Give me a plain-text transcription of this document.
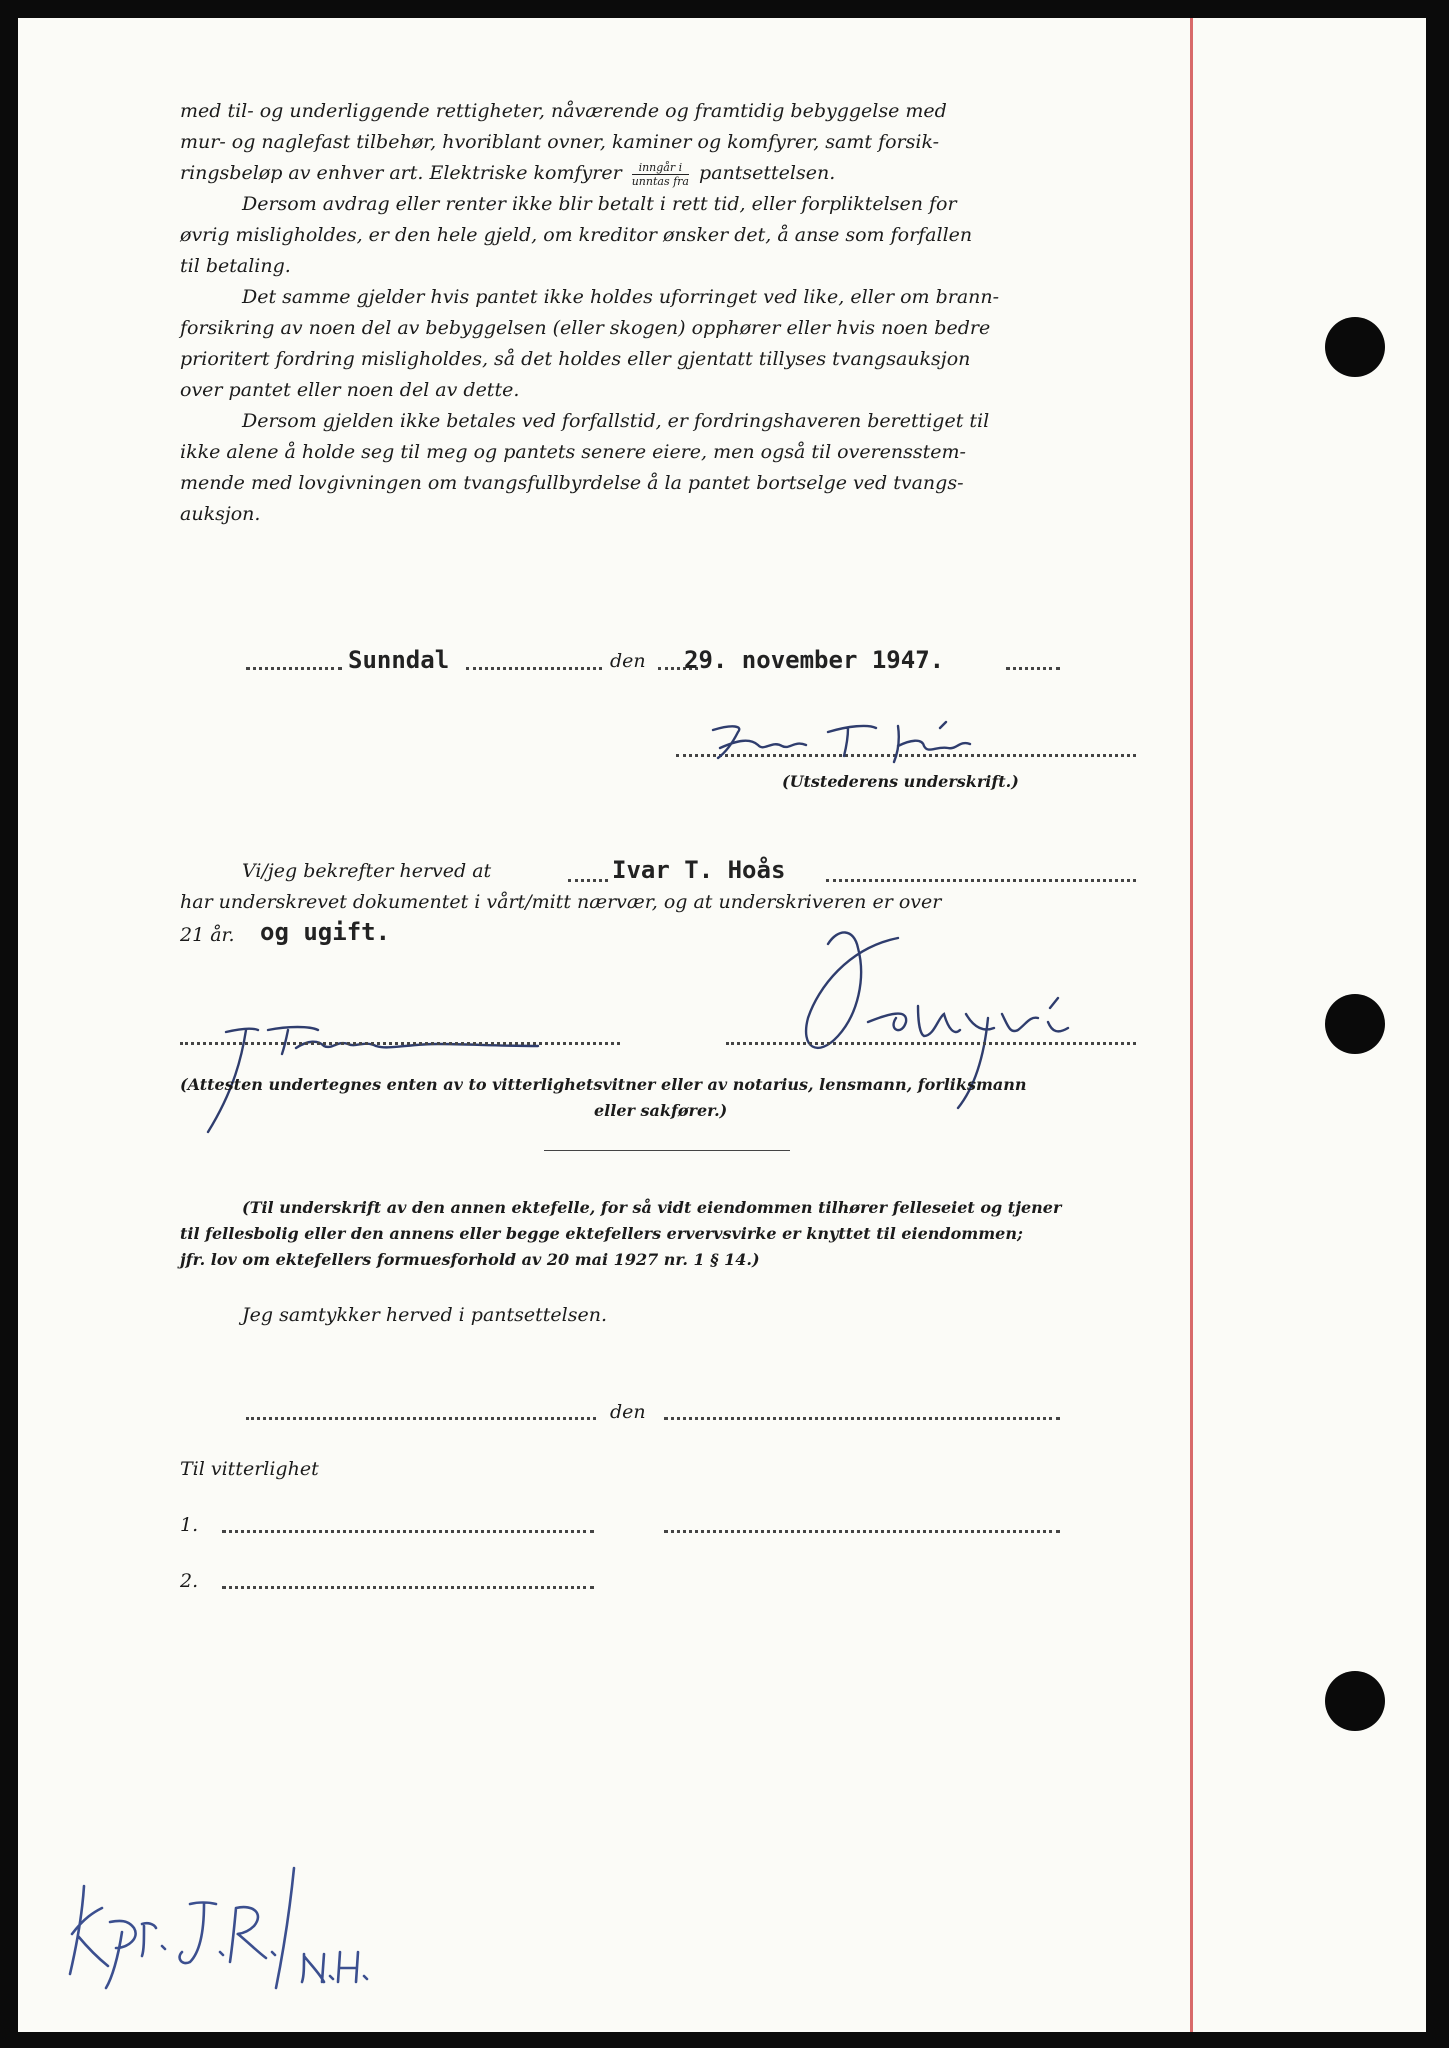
med til- og underliggende rettigheter, nåværende og framtidig bebyggelse med
mur- og naglefast tilbehør, hvoriblant ovner, kaminer og komfyrer, samt forsik-
ringsbeløp av enhver art. Elektriske komfyrer $\frac{\text{inngår i}}{\text{unntas fra}}$ pantsettelsen.
Dersom avdrag eller renter ikke blir betalt i rett tid, eller forpliktelsen for
øvrig misligholdes, er den hele gjeld, om kreditor ønsker det, å anse som forfallen
til betaling.
Det samme gjelder hvis pantet ikke holdes uforringet ved like, eller om brann-
forsikring av noen del av bebyggelsen (eller skogen) opphører eller hvis noen bedre
prioritert fordring misligholdes, så det holdes eller gjentatt tillyses tvangsauksjon
over pantet eller noen del av dette.
Dersom gjelden ikke betales ved forfallstid, er fordringshaveren berettiget til
ikke alene å holde seg til meg og pantets senere eiere, men også til overensstem-
mende med lovgivningen om tvangsfullbyrdelse å la pantet bortselge ved tvangs-
auksjon.
Sunndal	den 29. november 1947.
(Utstederens underskrift.)
Vi/jeg bekrefter herved at	Ivar T. Hoås
har underskrevet dokumentet i vårt/mitt nærvær, og at underskriveren er over
21 år. og ugift.
(Attesten undertegnes enten av to vitterlighetsvitner eller av notarius, lensmann, forliksmann
eller sakfører.)
(Til underskrift av den annen ektefelle, for så vidt eiendommen tilhører felleseiet og tjener
til fellesbolig eller den annens eller begge ektefellers ervervsvirke er knyttet til eiendommen;
jfr. lov om ektefellers formuesforhold av 20 mai 1927 nr. 1 § 14.)
Jeg samtykker herved i pantsettelsen.
den
Til vitterlighet
1.
2.
